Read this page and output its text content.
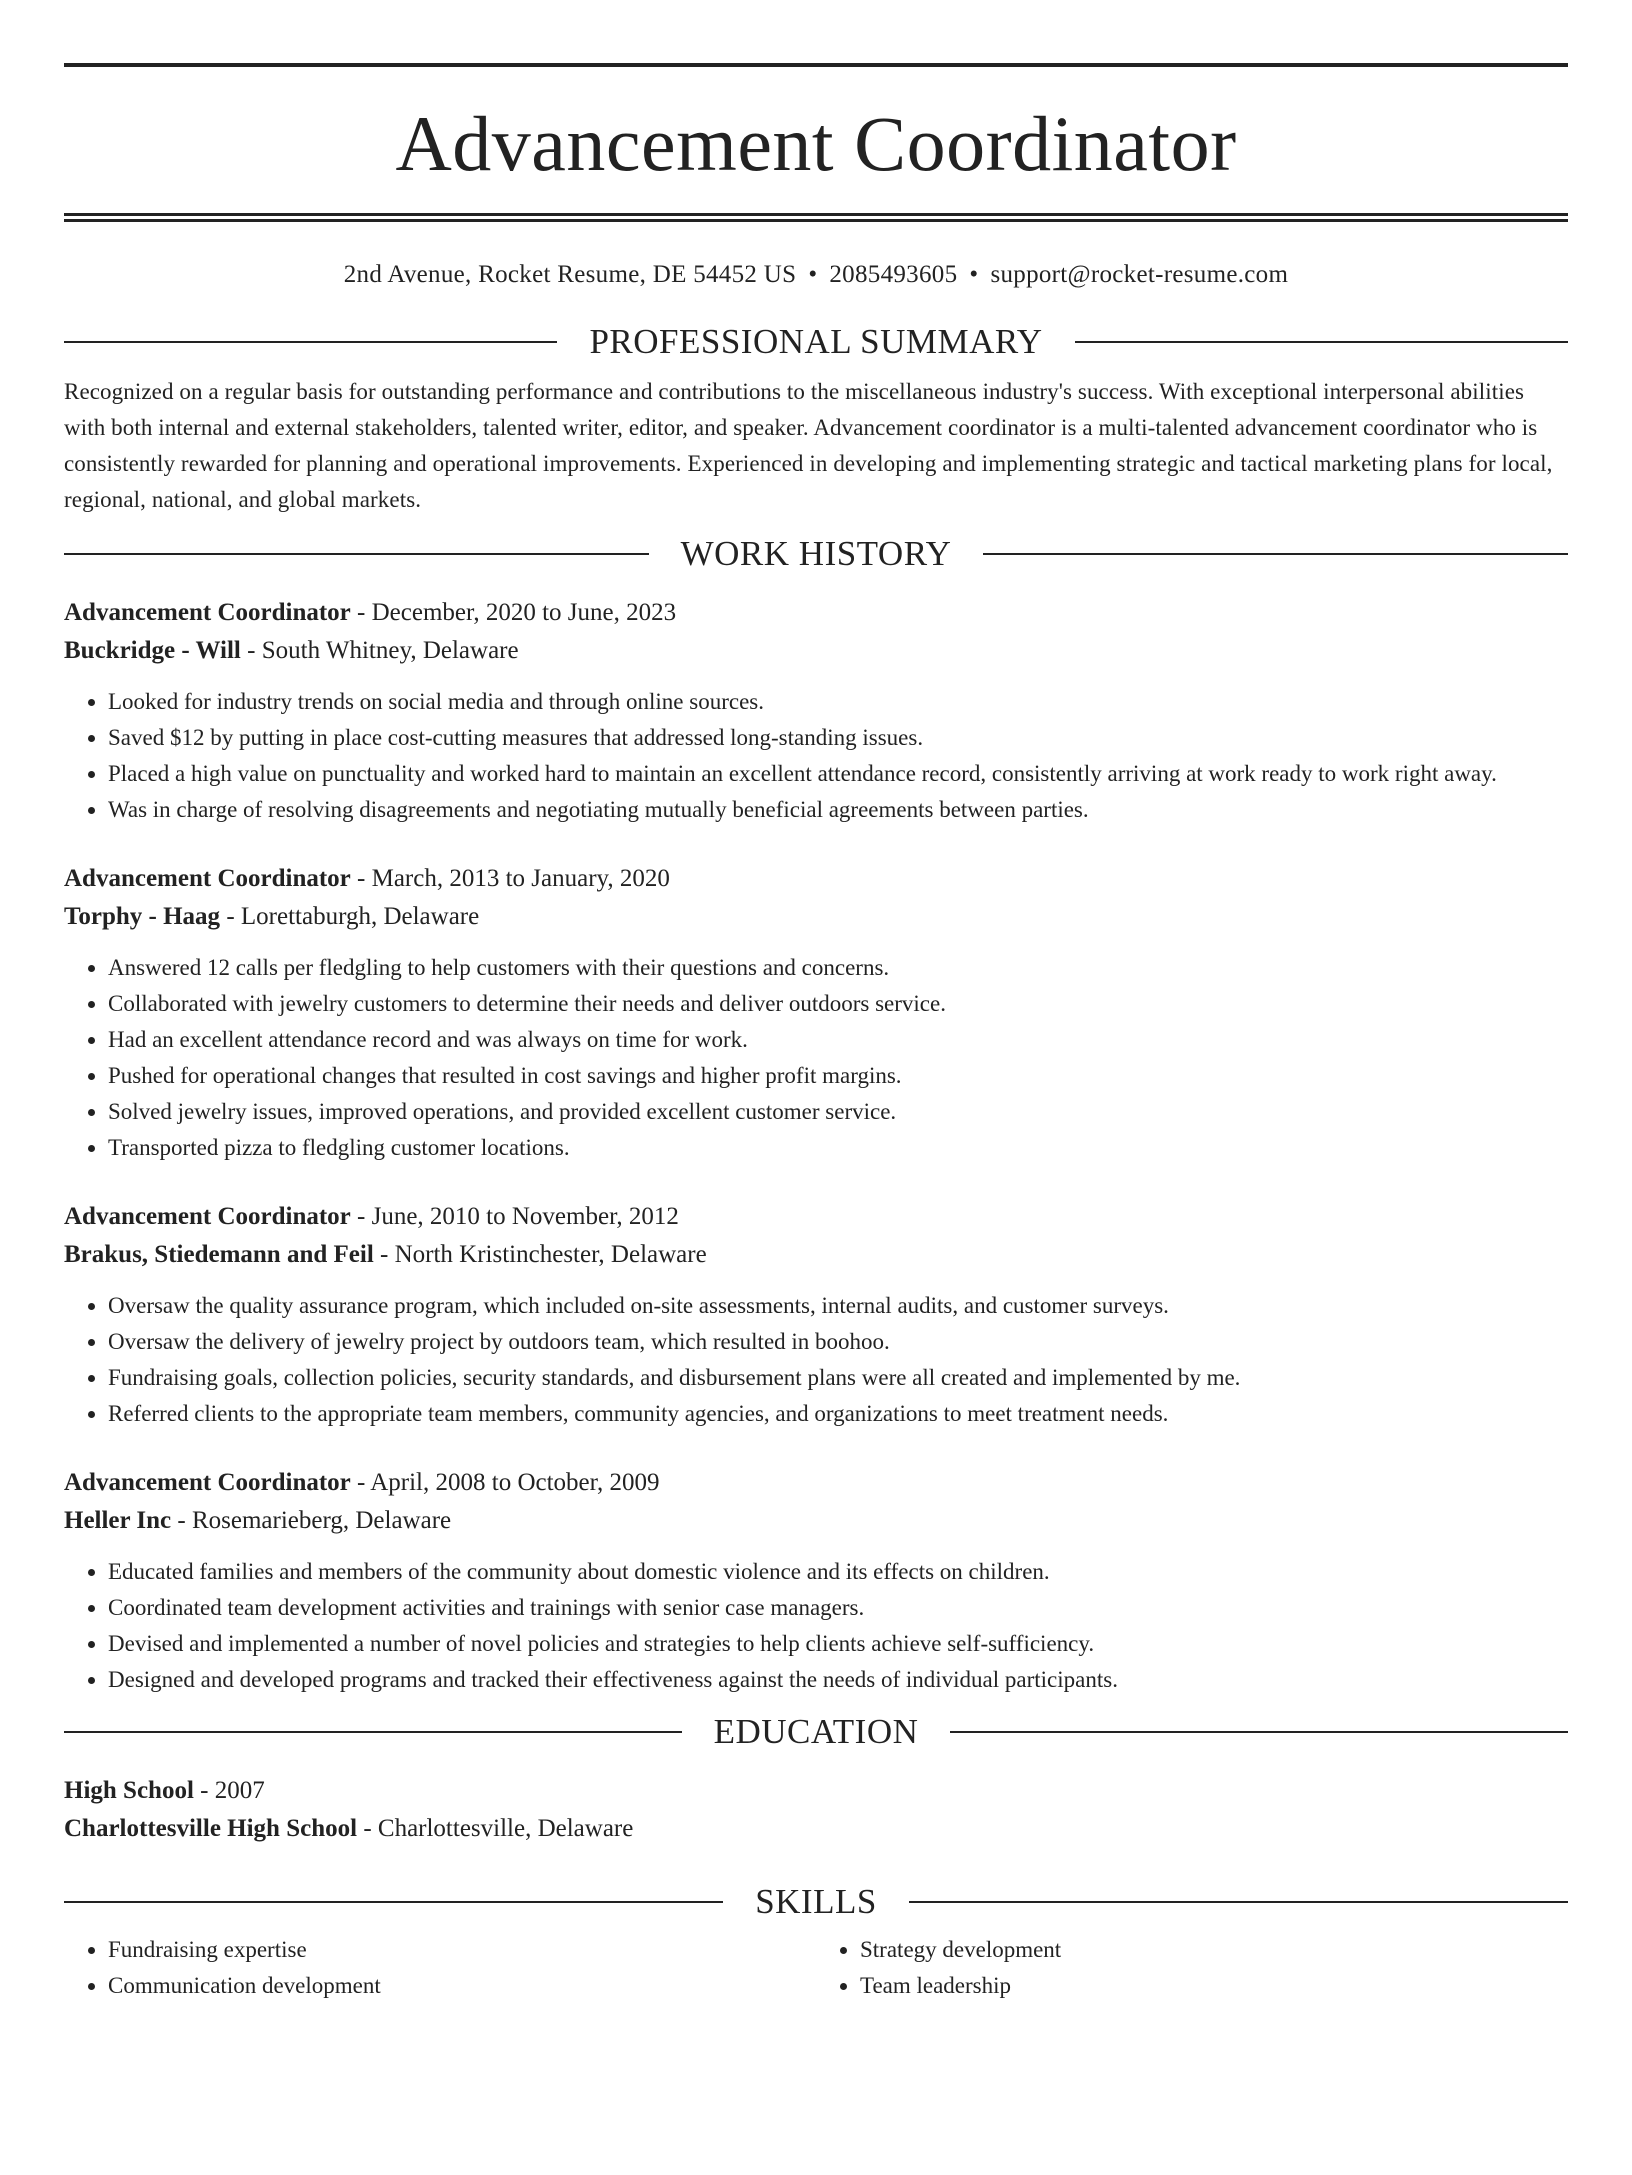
Advancement Coordinator
2nd Avenue, Rocket Resume, DE 54452 US • 2085493605 • support@rocket-resume.com
PROFESSIONAL SUMMARY

Recognized on a regular basis for outstanding performance and contributions to the miscellaneous industry's success. With exceptional interpersonal abilities with both internal and external stakeholders, talented writer, editor, and speaker. Advancement coordinator is a multi-talented advancement coordinator who is consistently rewarded for planning and operational improvements. Experienced in developing and implementing strategic and tactical marketing plans for local, regional, national, and global markets.

WORK HISTORY
Advancement Coordinator - December, 2020 to June, 2023
Buckridge - Will - South Whitney, Delaware
• Looked for industry trends on social media and through online sources.
• Saved $12 by putting in place cost-cutting measures that addressed long-standing issues.
• Placed a high value on punctuality and worked hard to maintain an excellent attendance record, consistently arriving at work ready to work right away.
• Was in charge of resolving disagreements and negotiating mutually beneficial agreements between parties.
Advancement Coordinator - March, 2013 to January, 2020
Torphy - Haag - Lorettaburgh, Delaware
• Answered 12 calls per fledgling to help customers with their questions and concerns.
• Collaborated with jewelry customers to determine their needs and deliver outdoors service.
• Had an excellent attendance record and was always on time for work.
• Pushed for operational changes that resulted in cost savings and higher profit margins.
• Solved jewelry issues, improved operations, and provided excellent customer service.
• Transported pizza to fledgling customer locations.
Advancement Coordinator - June, 2010 to November, 2012
Brakus, Stiedemann and Feil - North Kristinchester, Delaware
• Oversaw the quality assurance program, which included on-site assessments, internal audits, and customer surveys.
• Oversaw the delivery of jewelry project by outdoors team, which resulted in boohoo.
• Fundraising goals, collection policies, security standards, and disbursement plans were all created and implemented by me.
• Referred clients to the appropriate team members, community agencies, and organizations to meet treatment needs.
Advancement Coordinator - April, 2008 to October, 2009
Heller Inc - Rosemarieberg, Delaware
• Educated families and members of the community about domestic violence and its effects on children.
• Coordinated team development activities and trainings with senior case managers.
• Devised and implemented a number of novel policies and strategies to help clients achieve self-sufficiency.
• Designed and developed programs and tracked their effectiveness against the needs of individual participants.
EDUCATION
High School - 2007
Charlottesville High School - Charlottesville, Delaware
SKILLS
• Fundraising expertise
• Communication development
• Strategy development
• Team leadership
